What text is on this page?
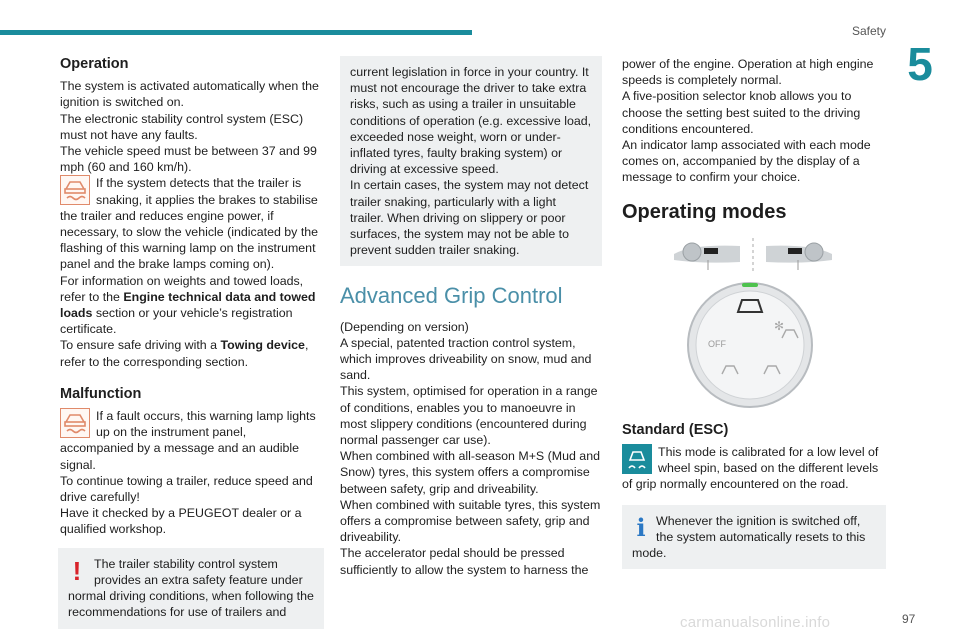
Safety
5
97
carmanualsonline.info
Operation

The system is activated automatically when the ignition is switched on.

The electronic stability control system (ESC) must not have any faults.

The vehicle speed must be between 37 and 99 mph (60 and 160 km/h).

If the system detects that the trailer is snaking, it applies the brakes to stabilise the trailer and reduces engine power, if necessary, to slow the vehicle (indicated by the flashing of this warning lamp on the instrument panel and the brake lamps coming on).

For information on weights and towed loads, refer to the Engine technical data and towed loads section or your vehicle’s registration certificate.

To ensure safe driving with a Towing device, refer to the corresponding section.

Malfunction

If a fault occurs, this warning lamp lights up on the instrument panel, accompanied by a message and an audible signal.

To continue towing a trailer, reduce speed and drive carefully!

Have it checked by a PEUGEOT dealer or a qualified workshop.

!	The trailer stability control system provides an extra safety feature under normal driving conditions, when following the recommendations for use of trailers and

current legislation in force in your country. It must not encourage the driver to take extra risks, such as using a trailer in unsuitable conditions of operation (e.g. excessive load, exceeded nose weight, worn or under-inflated tyres, faulty braking system) or driving at excessive speed.

In certain cases, the system may not detect trailer snaking, particularly with a light trailer. When driving on slippery or poor surfaces, the system may not be able to prevent sudden trailer snaking.

Advanced Grip Control

(Depending on version)

A special, patented traction control system, which improves driveability on snow, mud and sand.

This system, optimised for operation in a range of conditions, enables you to manoeuvre in most slippery conditions (encountered during normal passenger car use).

When combined with all-season M+S (Mud and Snow) tyres, this system offers a compromise between safety, grip and driveability.

When combined with suitable tyres, this system offers a compromise between safety, grip and driveability.

The accelerator pedal should be pressed sufficiently to allow the system to harness the

power of the engine. Operation at high engine speeds is completely normal.

A five-position selector knob allows you to choose the setting best suited to the driving conditions encountered.

An indicator lamp associated with each mode comes on, accompanied by the display of a message to confirm your choice.

Operating modes
OFF
✻
Standard (ESC)

This mode is calibrated for a low level of wheel spin, based on the different levels of grip normally encountered on the road.

i Whenever the ignition is switched off, the system automatically resets to this mode.
